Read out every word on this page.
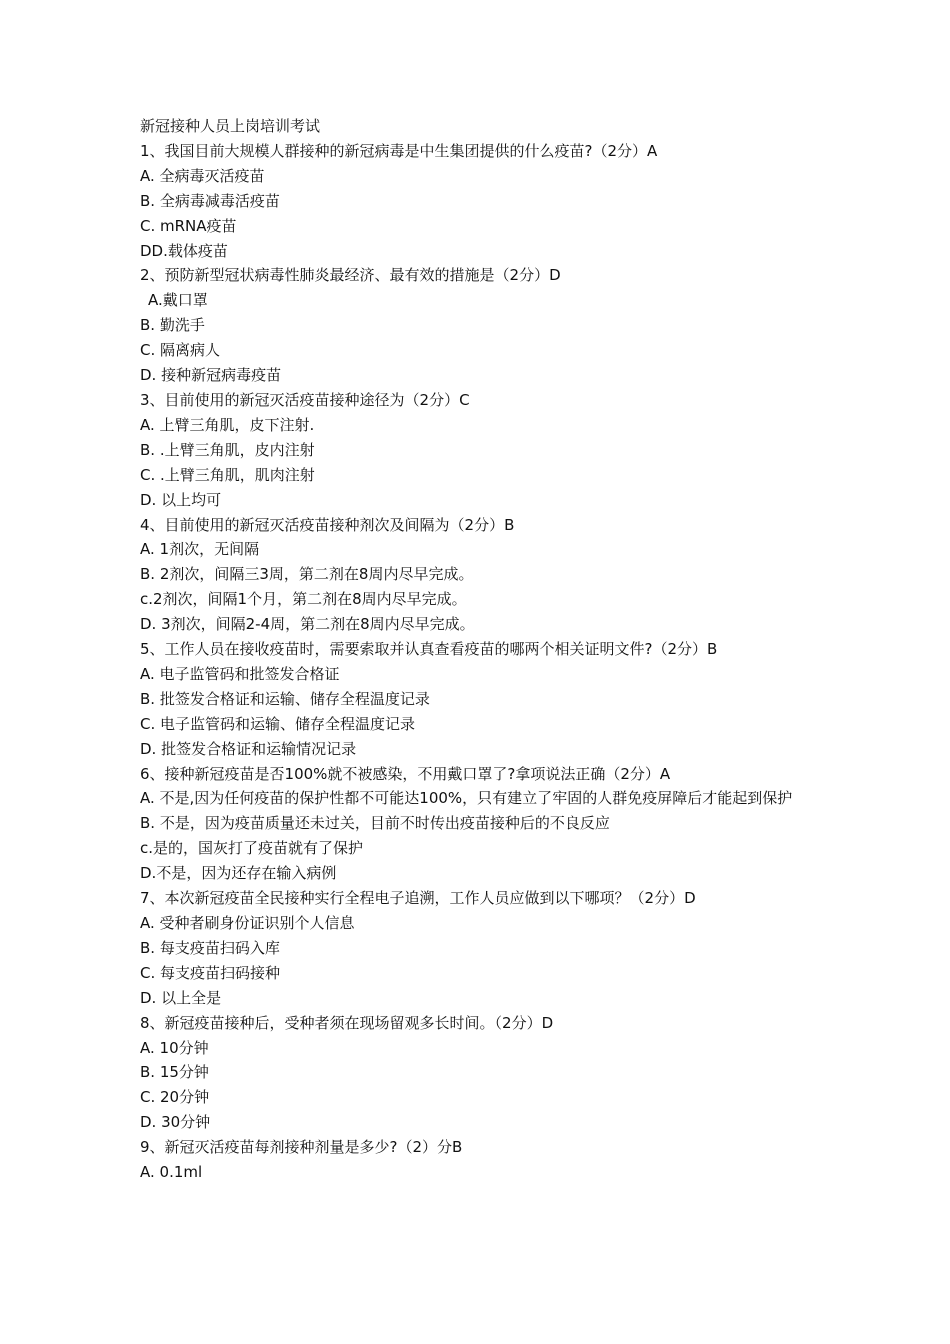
新冠接种人员上岗培训考试
1、我国目前大规模人群接种的新冠病毒是中生集团提供的什么疫苗?（2分）A
A. 全病毒灭活疫苗
B. 全病毒减毒活疫苗
C. mRNA疫苗
DD.载体疫苗
2、预防新型冠状病毒性肺炎最经济、最有效的措施是（2分）D
A.戴口罩
B. 勤洗手
C. 隔离病人
D. 接种新冠病毒疫苗
3、目前使用的新冠灭活疫苗接种途径为（2分）C
A. 上臂三角肌，皮下注射.
B. .上臂三角肌，皮内注射
C. .上臂三角肌，肌肉注射
D. 以上均可
4、目前使用的新冠灭活疫苗接种剂次及间隔为（2分）B
A. 1剂次，无间隔
B. 2剂次，间隔三3周，第二剂在8周内尽早完成。
c.2剂次，间隔1个月，第二剂在8周内尽早完成。
D. 3剂次，间隔2-4周，第二剂在8周内尽早完成。
5、工作人员在接收疫苗时，需要索取并认真查看疫苗的哪两个相关证明文件?（2分）B
A. 电子监管码和批签发合格证
B. 批签发合格证和运输、储存全程温度记录
C. 电子监管码和运输、储存全程温度记录
D. 批签发合格证和运输情况记录
6、接种新冠疫苗是否100%就不被感染，不用戴口罩了?拿项说法正确（2分）A
A. 不是,因为任何疫苗的保护性都不可能达100%，只有建立了牢固的人群免疫屏障后才能起到保护
B. 不是，因为疫苗质量还未过关，目前不时传出疫苗接种后的不良反应
c.是的，国灰打了疫苗就有了保护
D.不是，因为还存在输入病例
7、本次新冠疫苗全民接种实行全程电子追溯，工作人员应做到以下哪项？（2分）D
A. 受种者刷身份证识别个人信息
B. 每支疫苗扫码入库
C. 每支疫苗扫码接种
D. 以上全是
8、新冠疫苗接种后，受种者须在现场留观多长时间。（2分）D
A. 10分钟
B. 15分钟
C. 20分钟
D. 30分钟
9、新冠灭活疫苗每剂接种剂量是多少?（2）分B
A. 0.1ml
